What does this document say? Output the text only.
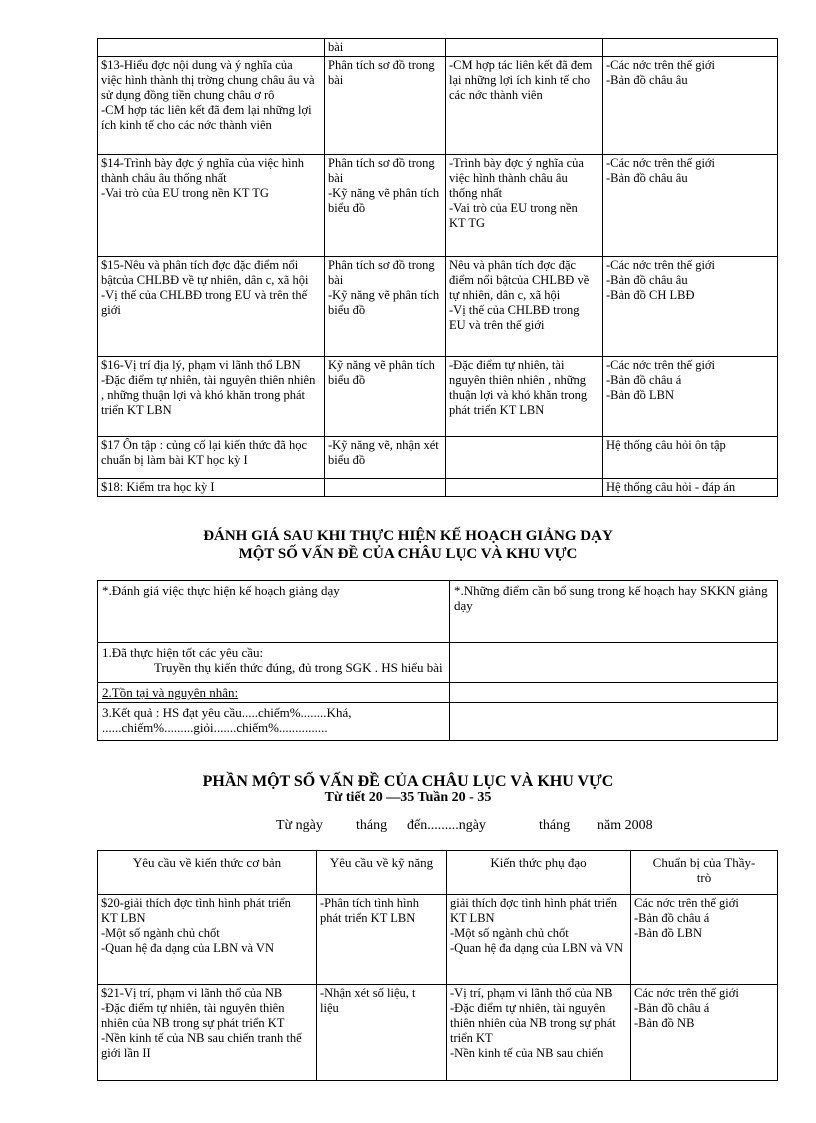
	bài		

$13-Hiểu đợc nội dung và ý nghĩa của
việc hình thành thị trờng chung châu âu và
sử dụng đồng tiền chung châu ơ rô
-CM hợp tác liên kết đã đem lại những lợi
ích kinh tế cho các nớc thành viên	Phân tích sơ đồ trong
bài	-CM hợp tác liên kết đã đem
lại những lợi ích kinh tế cho
các nớc thành viên	-Các nớc trên thế giới
-Bản đồ châu âu

$14-Trình bày đợc ý nghĩa của việc hình
thành châu âu thống nhất
-Vai trò của EU trong nền KT TG	Phân tích sơ đồ trong
bài
-Kỹ năng vẽ phân tích
biểu đồ	-Trình bày đợc ý nghĩa của
việc hình thành châu âu
thống nhất
-Vai trò của EU trong nền
KT TG	-Các nớc trên thế giới
-Bản đồ châu âu

$15-Nêu và phân tích đợc đặc điểm nổi
bậtcủa CHLBĐ về tự nhiên, dân c, xã hội
-Vị thế của CHLBĐ trong EU và trên thế
giới	Phân tích sơ đồ trong
bài
-Kỹ năng vẽ phân tích
biểu đồ	Nêu và phân tích đợc đặc
điểm nổi bậtcủa CHLBĐ về
tự nhiên, dân c, xã hội
-Vị thế của CHLBĐ trong
EU và trên thế giới	-Các nớc trên thế giới
-Bản đồ châu âu
-Bản đồ CH LBĐ

$16-Vị trí địa lý, phạm vi lãnh thổ LBN
-Đặc điểm tự nhiên, tài nguyên thiên nhiên
, những thuận lợi và khó khăn trong phát
triển KT LBN	Kỹ năng vẽ phân tích
biểu đồ	-Đặc điểm tự nhiên, tài
nguyên thiên nhiên , những
thuận lợi và khó khăn trong
phát triển KT LBN	-Các nớc trên thế giới
-Bản đồ châu á
-Bản đồ LBN

$17 Ôn tập : củng cố lại kiến thức đã học
chuẩn bị làm bài KT học kỳ I	-Kỹ năng vẽ, nhận xét
biểu đồ		Hệ thống câu hỏi ôn tập

$18: Kiểm tra học kỳ I			Hệ thống câu hỏi - đáp án
ĐÁNH GIÁ SAU KHI THỰC HIỆN KẾ HOẠCH GIẢNG DẠY
MỘT SỐ VẤN ĐỀ CỦA CHÂU LỤC VÀ KHU VỰC
*.Đánh giá việc thực hiện kế hoạch giảng dạy	*.Những điểm cần bổ sung trong kế hoạch hay SKKN giảng dạy

1.Đã thực hiện tốt các yêu cầu:
Truyền thụ kiến thức đúng, đủ trong SGK . HS hiểu bài	

2.Tồn tại và nguyên nhân:	

3.Kết quả : HS đạt yêu cầu.....chiếm%........Khá,
......chiếm%.........giỏi.......chiếm%...............	

PHẦN MỘT SỐ VẤN ĐỀ CỦA CHÂU LỤC VÀ KHU VỰC
Từ tiết 20 —35 Tuần 20 - 35
Từ ngày tháng đến.........ngày	tháng năm 2008
Yêu cầu về kiến thức cơ bản	Yêu cầu về kỹ năng	Kiến thức phụ đạo	Chuẩn bị của Thầy-
trò

$20-giải thích đợc tình hình phát triển
KT LBN
-Một số ngành chủ chốt
-Quan hệ đa dạng của LBN và VN	-Phân tích tình hình
phát triển KT LBN	giải thích đợc tình hình phát triển
KT LBN
-Một số ngành chủ chốt
-Quan hệ đa dạng của LBN và VN	Các nớc trên thế giới
-Bản đồ châu á
-Bản đồ LBN

$21-Vị trí, phạm vi lãnh thổ của NB
-Đặc điểm tự nhiên, tài nguyên thiên
nhiên của NB trong sự phát triển KT
-Nền kinh tế của NB sau chiến tranh thế
giới lần II	-Nhận xét số liệu, t
liệu	-Vị trí, phạm vi lãnh thổ của NB
-Đặc điểm tự nhiên, tài nguyên
thiên nhiên của NB trong sự phát
triển KT
-Nền kinh tế của NB sau chiến	Các nớc trên thế giới
-Bản đồ châu á
-Bản đồ NB
